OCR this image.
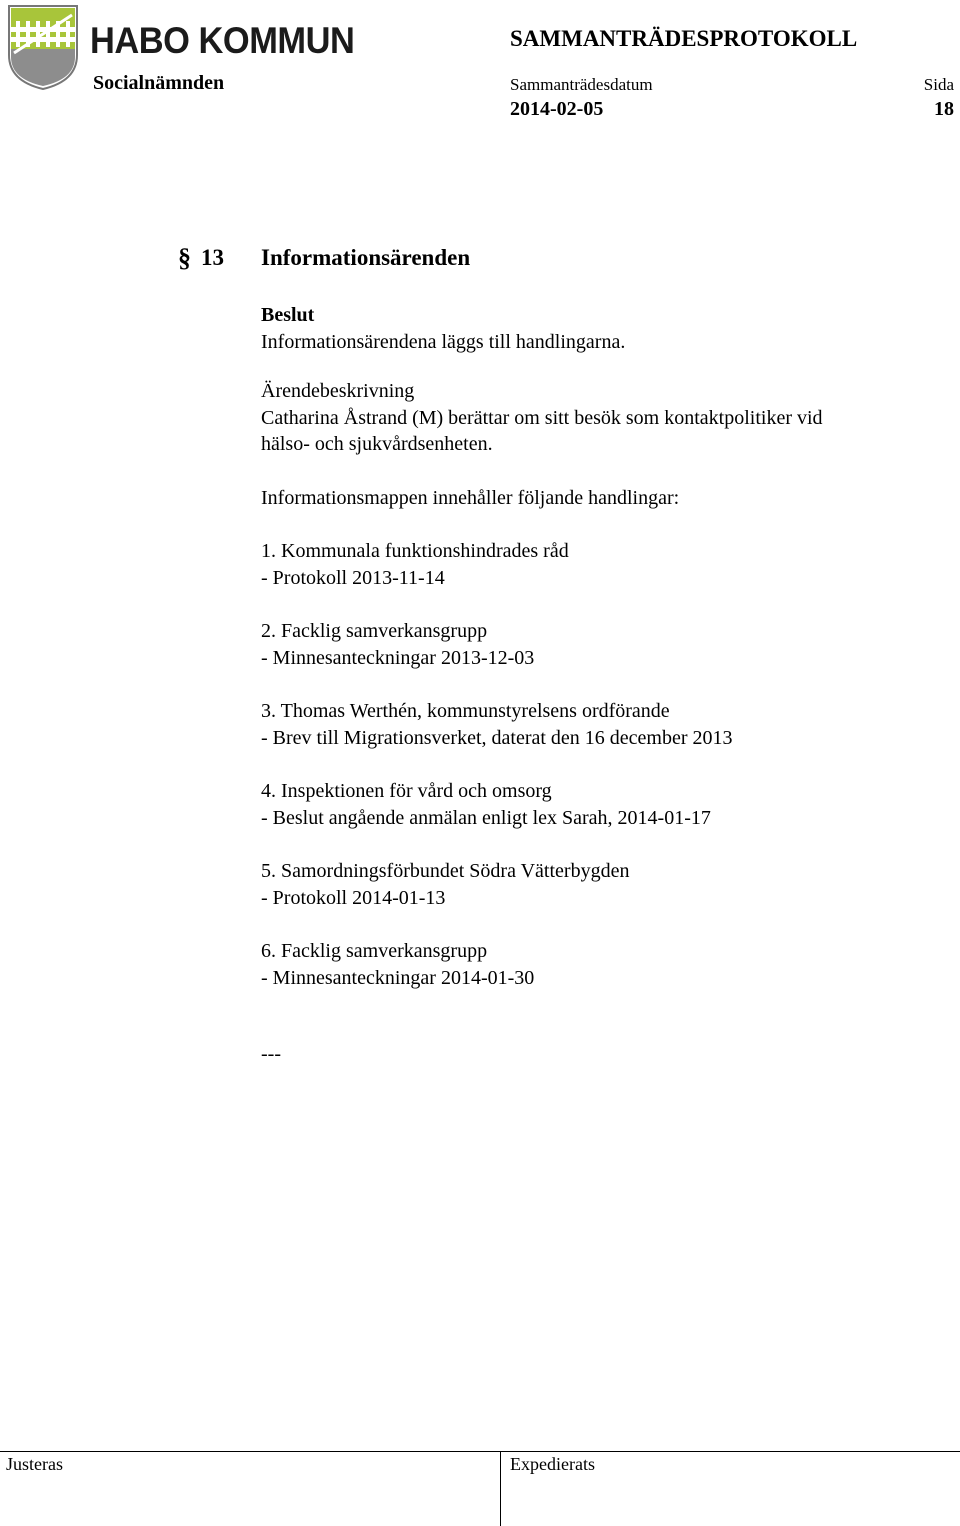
HABO KOMMUN	SAMMANTRÄDESPROTOKOLL
Socialnämnden	Sammanträdesdatum
2014-02-05
Sida
18
§ 13 Informationsärenden

Beslut

Informationsärendena läggs till handlingarna.

Ärendebeskrivning

Catharina Åstrand (M) berättar om sitt besök som kontaktpolitiker vid

hälso- och sjukvårdsenheten.

Informationsmappen innehåller följande handlingar:

1. Kommunala funktionshindrades råd

- Protokoll 2013-11-14

2. Facklig samverkansgrupp

- Minnesanteckningar 2013-12-03

3. Thomas Werthén, kommunstyrelsens ordförande

- Brev till Migrationsverket, daterat den 16 december 2013

4. Inspektionen för vård och omsorg

- Beslut angående anmälan enligt lex Sarah, 2014-01-17

5. Samordningsförbundet Södra Vätterbygden

- Protokoll 2014-01-13

6. Facklig samverkansgrupp

- Minnesanteckningar 2014-01-30

---

Justeras	Expedierats
